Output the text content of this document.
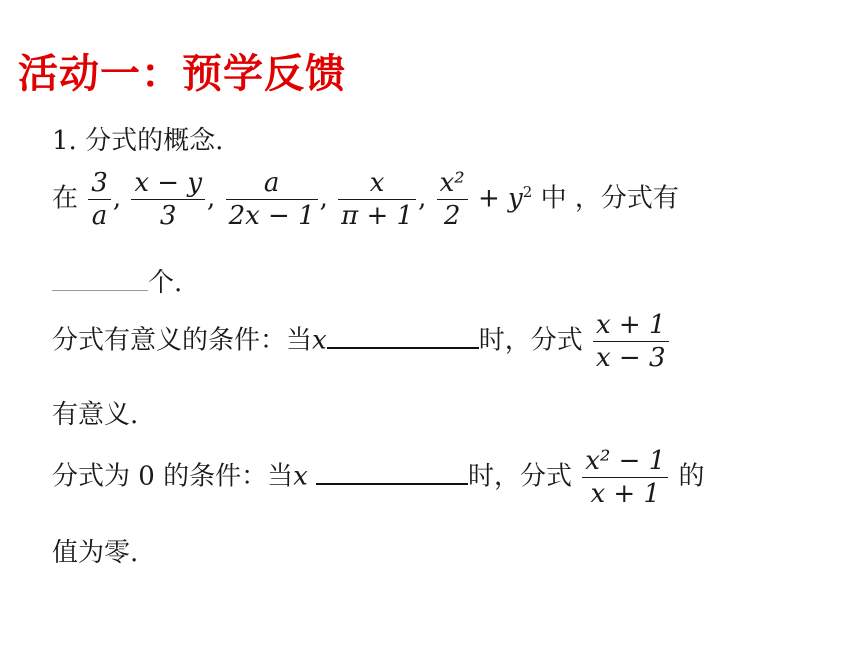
活动一：预学反馈
1. 分式的概念.
在 $\frac{3}{a}$ , $\frac{x - y}{3}$ , $\frac{a}{2x - 1}$ , $\frac{x}{\pi + 1}$ , $\frac{\text{x²}}{2} + y^2$ 中 ，分式有
个.
分式有意义的条件：当x	时，分式 $\frac{x + 1}{x - 3}$
有意义.
分式为 0 的条件：当x	时，分式 $\frac{\text{x² − 1}}{x + 1}$ 的
值为零.
